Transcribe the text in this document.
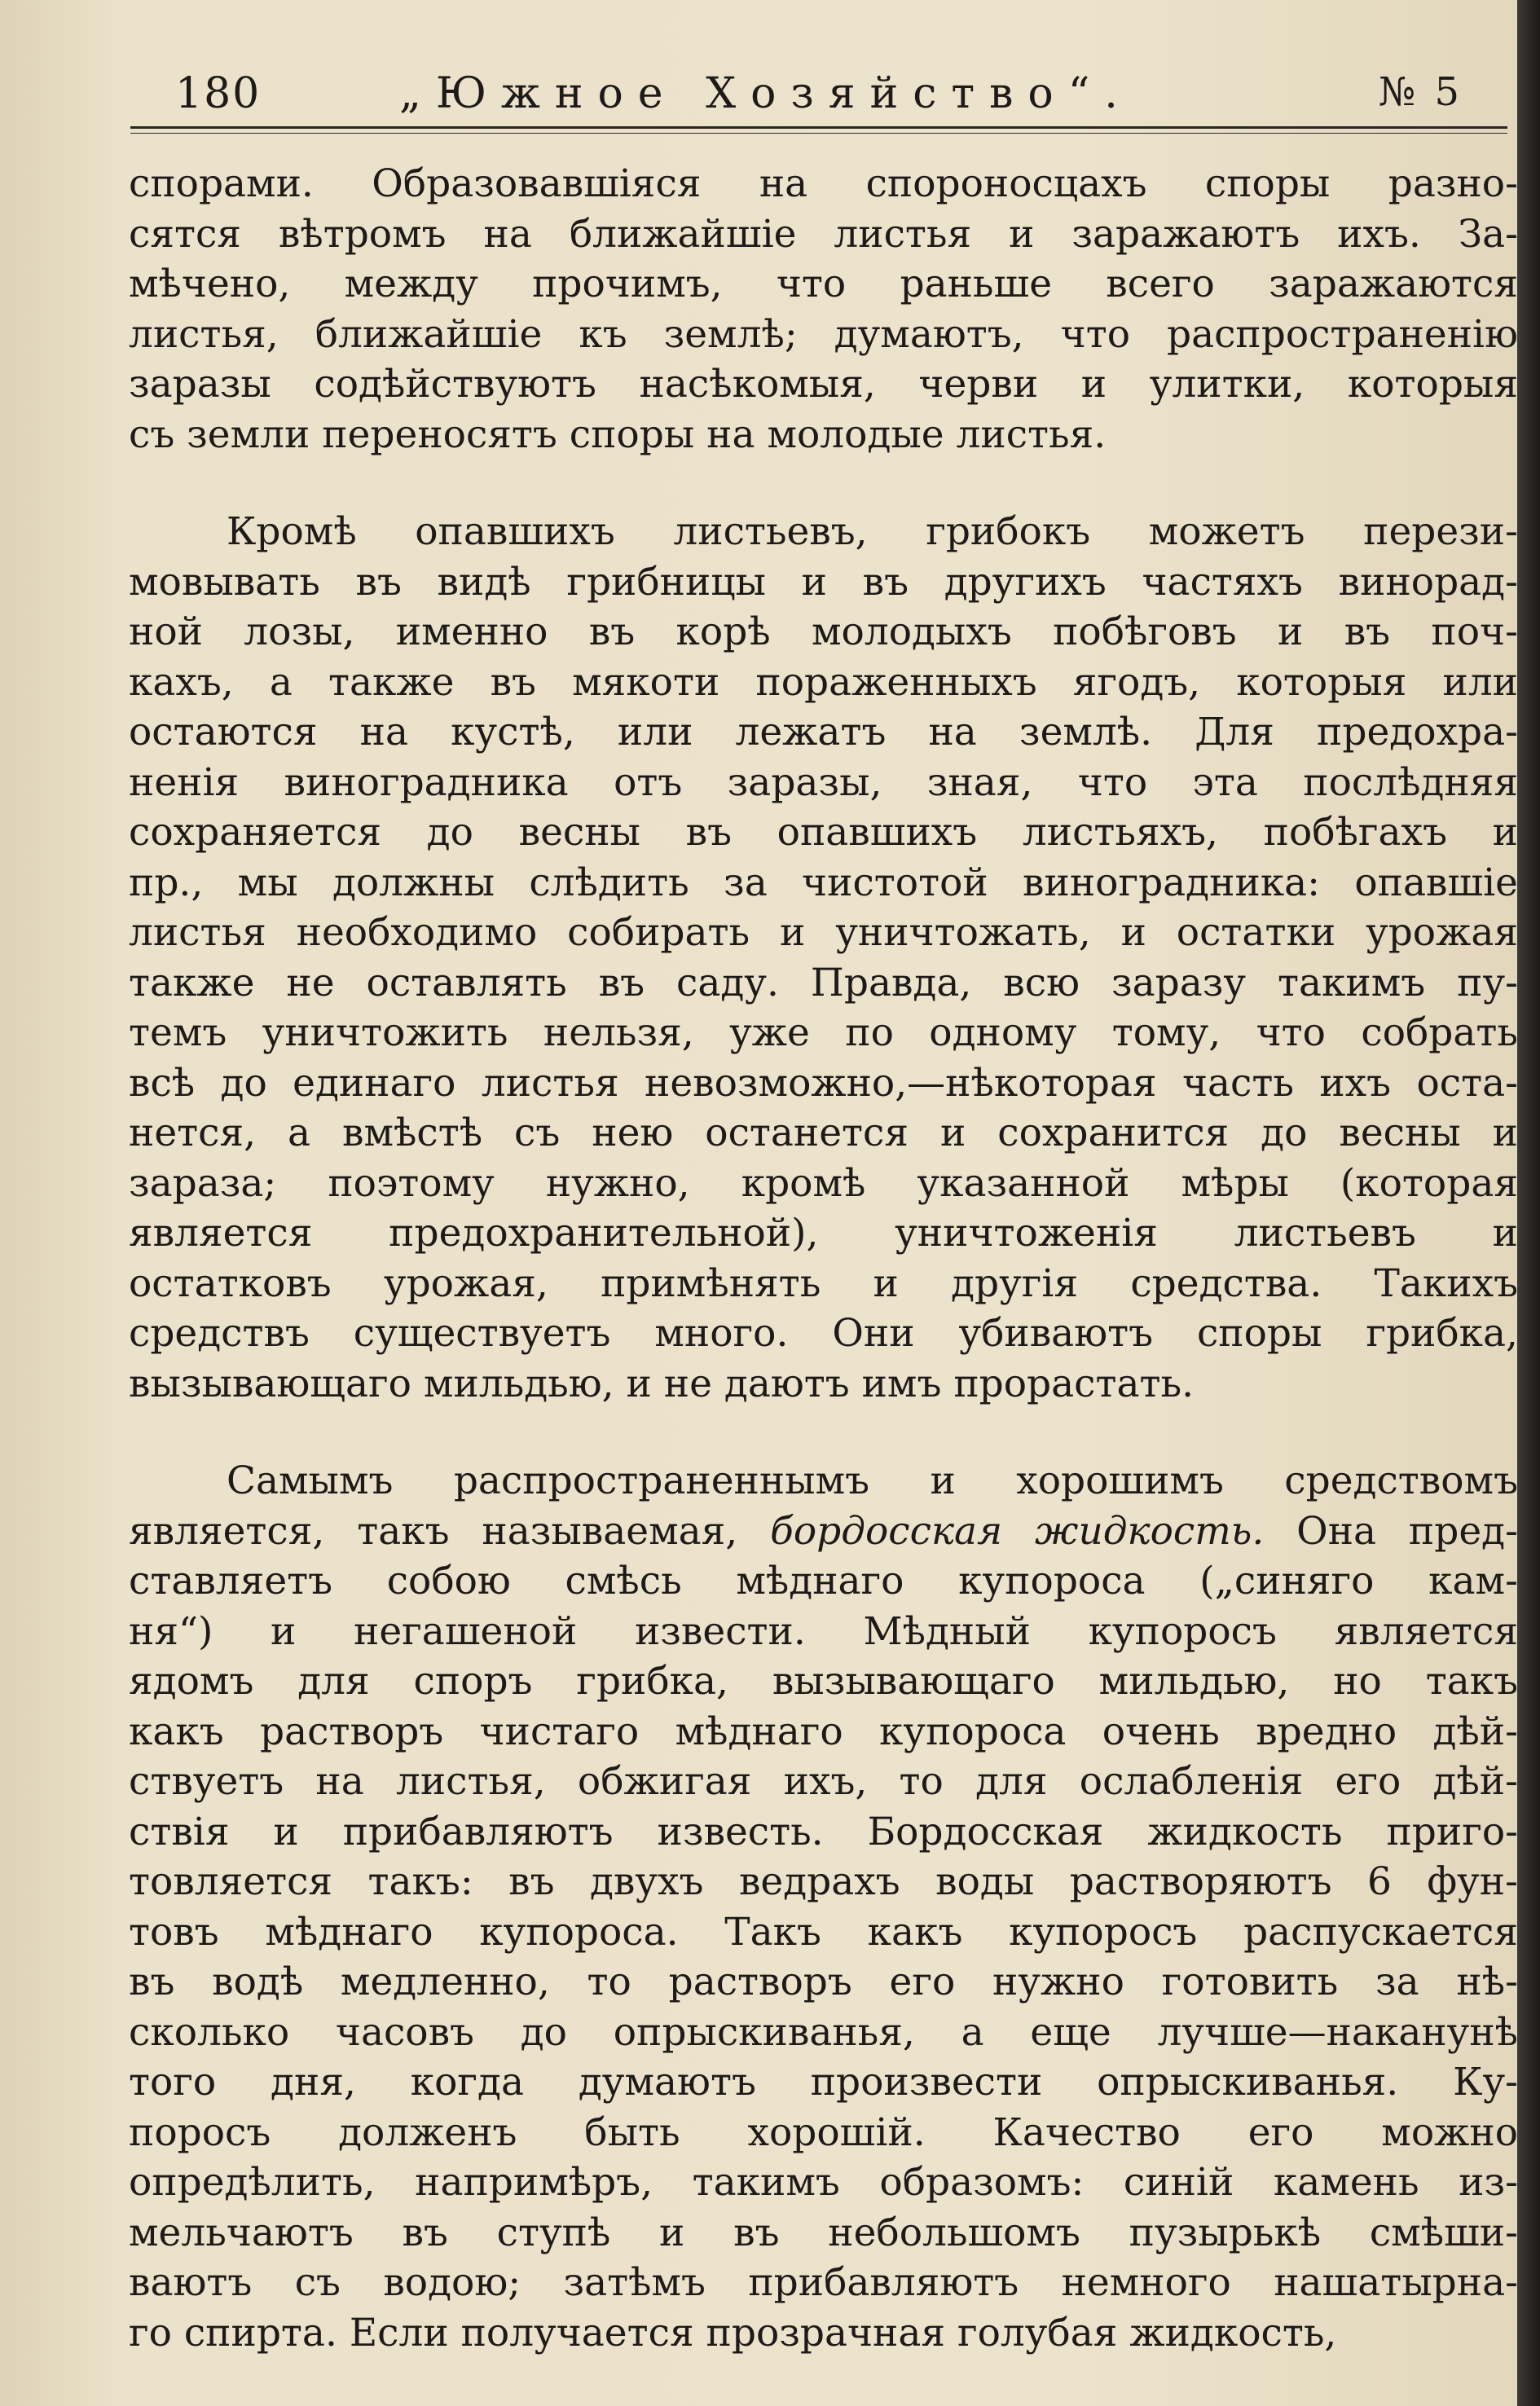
180	„Южное Хозяйство“.	№ 5
спорами. Образовавшіяся на спороносцахъ споры разно-
сятся вѣтромъ на ближайшіе листья и заражаютъ ихъ. За-
мѣчено, между прочимъ, что раньше всего заражаются
листья, ближайшіе къ землѣ; думаютъ, что распространенію
заразы содѣйствуютъ насѣкомыя, черви и улитки, которыя
съ земли переносятъ споры на молодые листья.
Кромѣ опавшихъ листьевъ, грибокъ можетъ перези-
мовывать въ видѣ грибницы и въ другихъ частяхъ винорад-
ной лозы, именно въ корѣ молодыхъ побѣговъ и въ поч-
кахъ, а также въ мякоти пораженныхъ ягодъ, которыя или
остаются на кустѣ, или лежатъ на землѣ. Для предохра-
ненія виноградника отъ заразы, зная, что эта послѣдняя
сохраняется до весны въ опавшихъ листьяхъ, побѣгахъ и
пр., мы должны слѣдить за чистотой виноградника: опавшіе
листья необходимо собирать и уничтожать, и остатки урожая
также не оставлять въ саду. Правда, всю заразу такимъ пу-
темъ уничтожить нельзя, уже по одному тому, что собрать
всѣ до единаго листья невозможно,—нѣкоторая часть ихъ оста-
нется, а вмѣстѣ съ нею останется и сохранится до весны и
зараза; поэтому нужно, кромѣ указанной мѣры (которая
является предохранительной), уничтоженія листьевъ и
остатковъ урожая, примѣнять и другія средства. Такихъ
средствъ существуетъ много. Они убиваютъ споры грибка,
вызывающаго мильдью, и не даютъ имъ прорастать.
Самымъ распространеннымъ и хорошимъ средствомъ
является, такъ называемая, бордосская жидкость. Она пред-
ставляетъ собою смѣсь мѣднаго купороса („синяго кам-
ня“) и негашеной извести. Мѣдный купоросъ является
ядомъ для споръ грибка, вызывающаго мильдью, но такъ
какъ растворъ чистаго мѣднаго купороса очень вредно дѣй-
ствуетъ на листья, обжигая ихъ, то для ослабленія его дѣй-
ствія и прибавляютъ известь. Бордосская жидкость приго-
товляется такъ: въ двухъ ведрахъ воды растворяютъ 6 фун-
товъ мѣднаго купороса. Такъ какъ купоросъ распускается
въ водѣ медленно, то растворъ его нужно готовить за нѣ-
сколько часовъ до опрыскиванья, а еще лучше—наканунѣ
того дня, когда думаютъ произвести опрыскиванья. Ку-
поросъ долженъ быть хорошій. Качество его можно
опредѣлить, напримѣръ, такимъ образомъ: синій камень из-
мельчаютъ въ ступѣ и въ небольшомъ пузырькѣ смѣши-
ваютъ съ водою; затѣмъ прибавляютъ немного нашатырна-
го спирта. Если получается прозрачная голубая жидкость,
